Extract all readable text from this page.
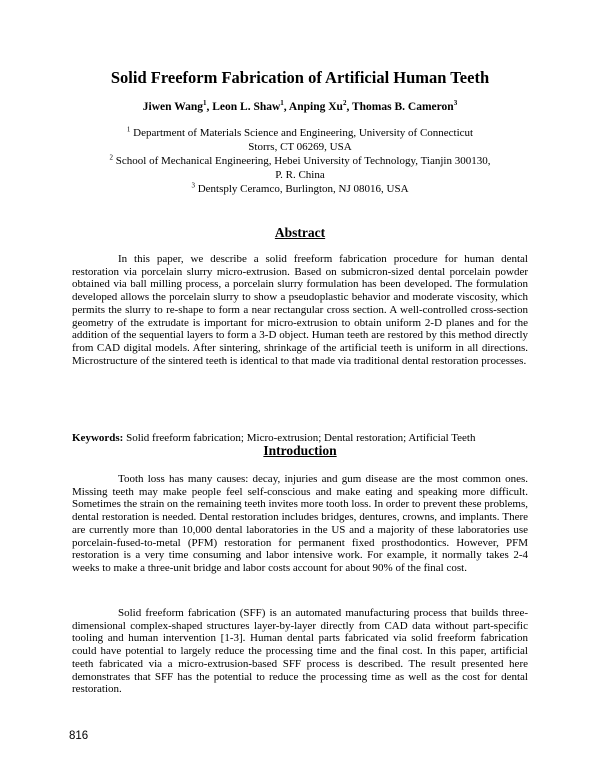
Solid Freeform Fabrication of Artificial Human Teeth
Jiwen Wang$^1$, Leon L. Shaw$^1$, Anping Xu$^2$, Thomas B. Cameron$^3$
$^1$ Department of Materials Science and Engineering, University of Connecticut
Storrs, CT 06269, USA
$^2$ School of Mechanical Engineering, Hebei University of Technology, Tianjin 300130,
P. R. China
$^3$ Dentsply Ceramco, Burlington, NJ 08016, USA
Abstract
In this paper, we describe a solid freeform fabrication procedure for human dental restoration via porcelain slurry micro-extrusion. Based on submicron-sized dental porcelain powder obtained via ball milling process, a porcelain slurry formulation has been developed. The formulation developed allows the porcelain slurry to show a pseudoplastic behavior and moderate viscosity, which permits the slurry to re-shape to form a near rectangular cross section. A well-controlled cross-section geometry of the extrudate is important for micro-extrusion to obtain uniform 2-D planes and for the addition of the sequential layers to form a 3-D object. Human teeth are restored by this method directly from CAD digital models. After sintering, shrinkage of the artificial teeth is uniform in all directions. Microstructure of the sintered teeth is identical to that made via traditional dental restoration processes.
Keywords: Solid freeform fabrication; Micro-extrusion; Dental restoration; Artificial Teeth
Introduction
Tooth loss has many causes: decay, injuries and gum disease are the most common ones. Missing teeth may make people feel self-conscious and make eating and speaking more difficult. Sometimes the strain on the remaining teeth invites more tooth loss. In order to prevent these problems, dental restoration is needed. Dental restoration includes bridges, dentures, crowns, and implants. There are currently more than 10,000 dental laboratories in the US and a majority of these laboratories use porcelain-fused-to-metal (PFM) restoration for permanent fixed prosthodontics. However, PFM restoration is a very time consuming and labor intensive work. For example, it normally takes 2-4 weeks to make a three-unit bridge and labor costs account for about 90% of the final cost.
Solid freeform fabrication (SFF) is an automated manufacturing process that builds three-dimensional complex-shaped structures layer-by-layer directly from CAD data without part-specific tooling and human intervention [1-3]. Human dental parts fabricated via solid freeform fabrication could have potential to largely reduce the processing time and the final cost. In this paper, artificial teeth fabricated via a micro-extrusion-based SFF process is described. The result presented here demonstrates that SFF has the potential to reduce the processing time as well as the cost for dental restoration.
816
